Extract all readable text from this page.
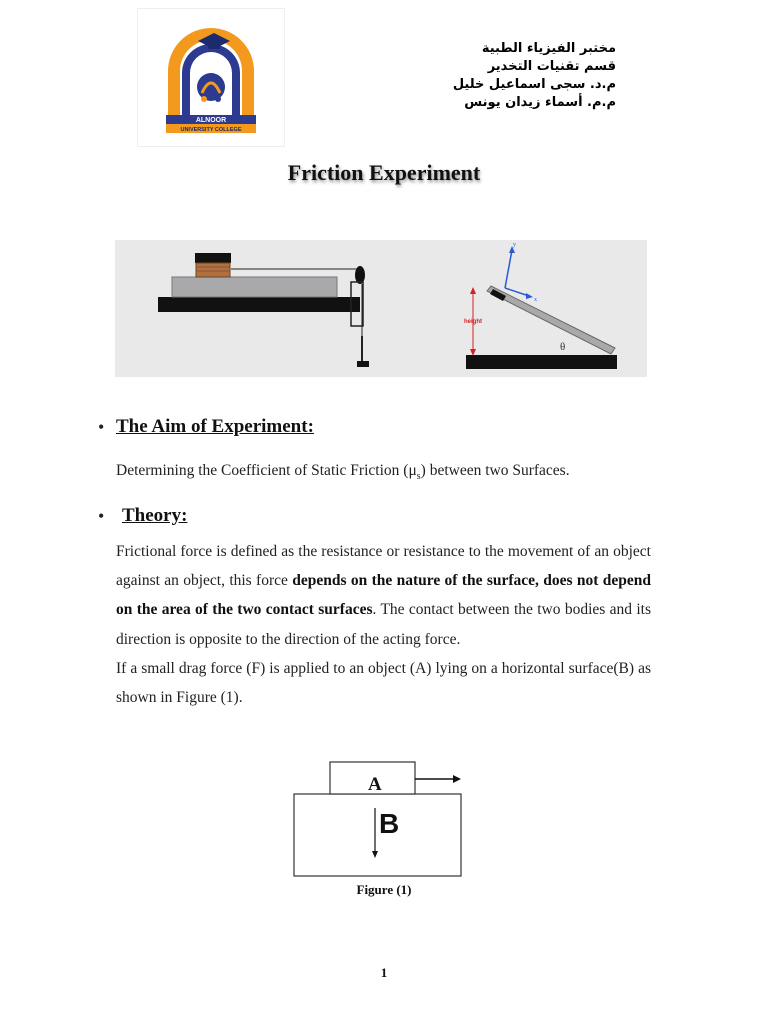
ALNOOR
UNIVERSITY COLLEGE
مختبر الفيزياء الطبية
قسم تقنيات التخدير
م.د. سجى اسماعيل خليل
م.م. أسماء زيدان يونس
Friction Experiment
y
x
height
θ
• The Aim of Experiment:
Determining the Coefficient of Static Friction $(\mu_s)$ between two Surfaces.
• Theory:

Frictional force is defined as the resistance or resistance to the movement of an object against an object, this force depends on the nature of the surface, does not depend on the area of the two contact surfaces. The contact between the two bodies and its direction is opposite to the direction of the acting force.

If a small drag force (F) is applied to an object (A) lying on a horizontal surface(B) as shown in Figure (1).

A
B
Figure (1)
1
